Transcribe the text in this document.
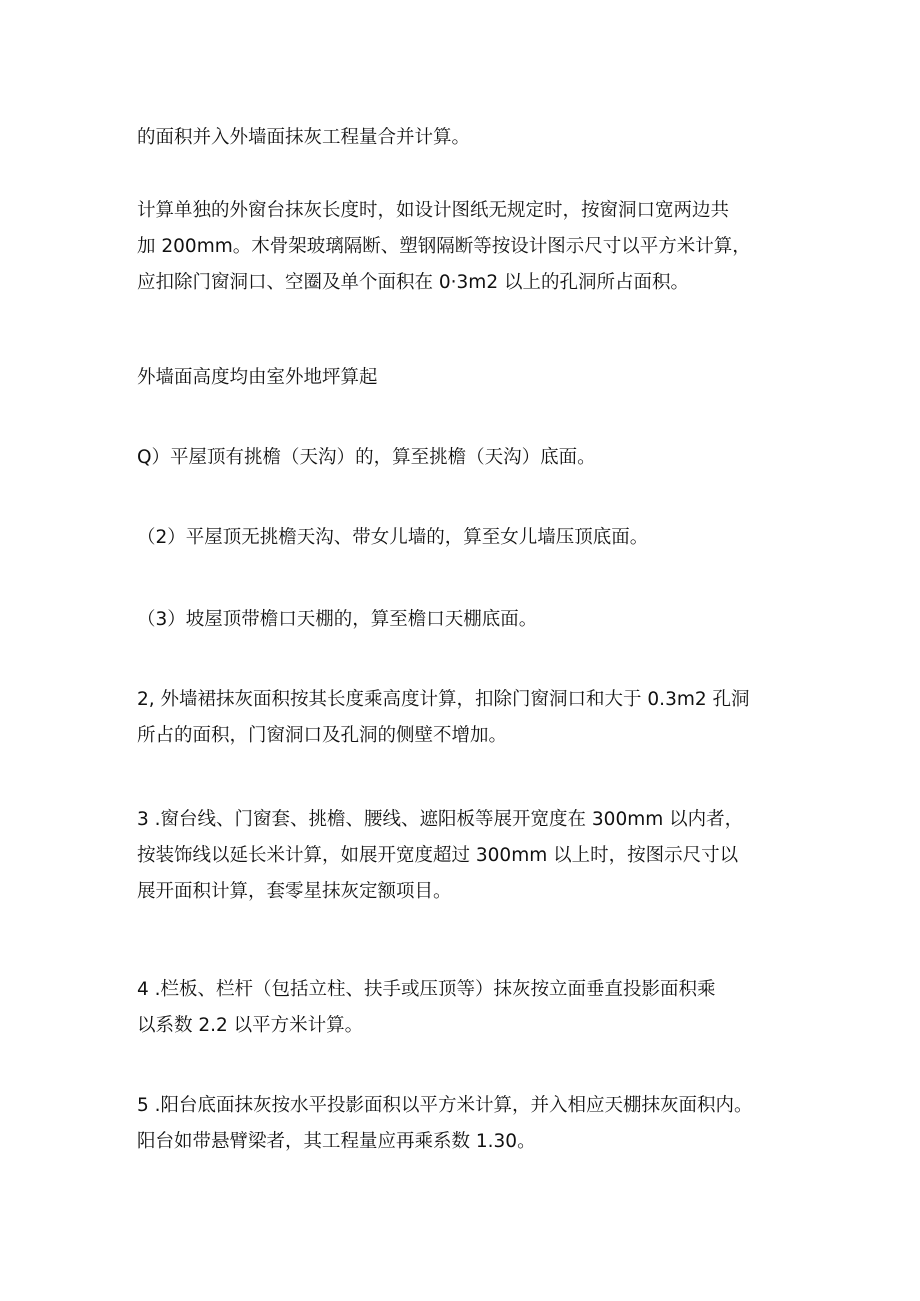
的面积并入外墙面抹灰工程量合并计算。

计算单独的外窗台抹灰长度时，如设计图纸无规定时，按窗洞口宽两边共
加 200mm。木骨架玻璃隔断、塑钢隔断等按设计图示尺寸以平方米计算，
应扣除门窗洞口、空圈及单个面积在 0·3m2 以上的孔洞所占面积。

外墙面高度均由室外地坪算起

Q）平屋顶有挑檐（天沟）的，算至挑檐（天沟）底面。

（2）平屋顶无挑檐天沟、带女儿墙的，算至女儿墙压顶底面。

（3）坡屋顶带檐口天棚的，算至檐口天棚底面。

2, 外墙裙抹灰面积按其长度乘高度计算，扣除门窗洞口和大于 0.3m2 孔洞
所占的面积，门窗洞口及孔洞的侧壁不增加。

3 .窗台线、门窗套、挑檐、腰线、遮阳板等展开宽度在 300mm 以内者，
按装饰线以延长米计算，如展开宽度超过 300mm 以上时，按图示尺寸以
展开面积计算，套零星抹灰定额项目。

4 .栏板、栏杆（包括立柱、扶手或压顶等）抹灰按立面垂直投影面积乘
以系数 2.2 以平方米计算。

5 .阳台底面抹灰按水平投影面积以平方米计算，并入相应天棚抹灰面积内。
阳台如带悬臂梁者，其工程量应再乘系数 1.30。
